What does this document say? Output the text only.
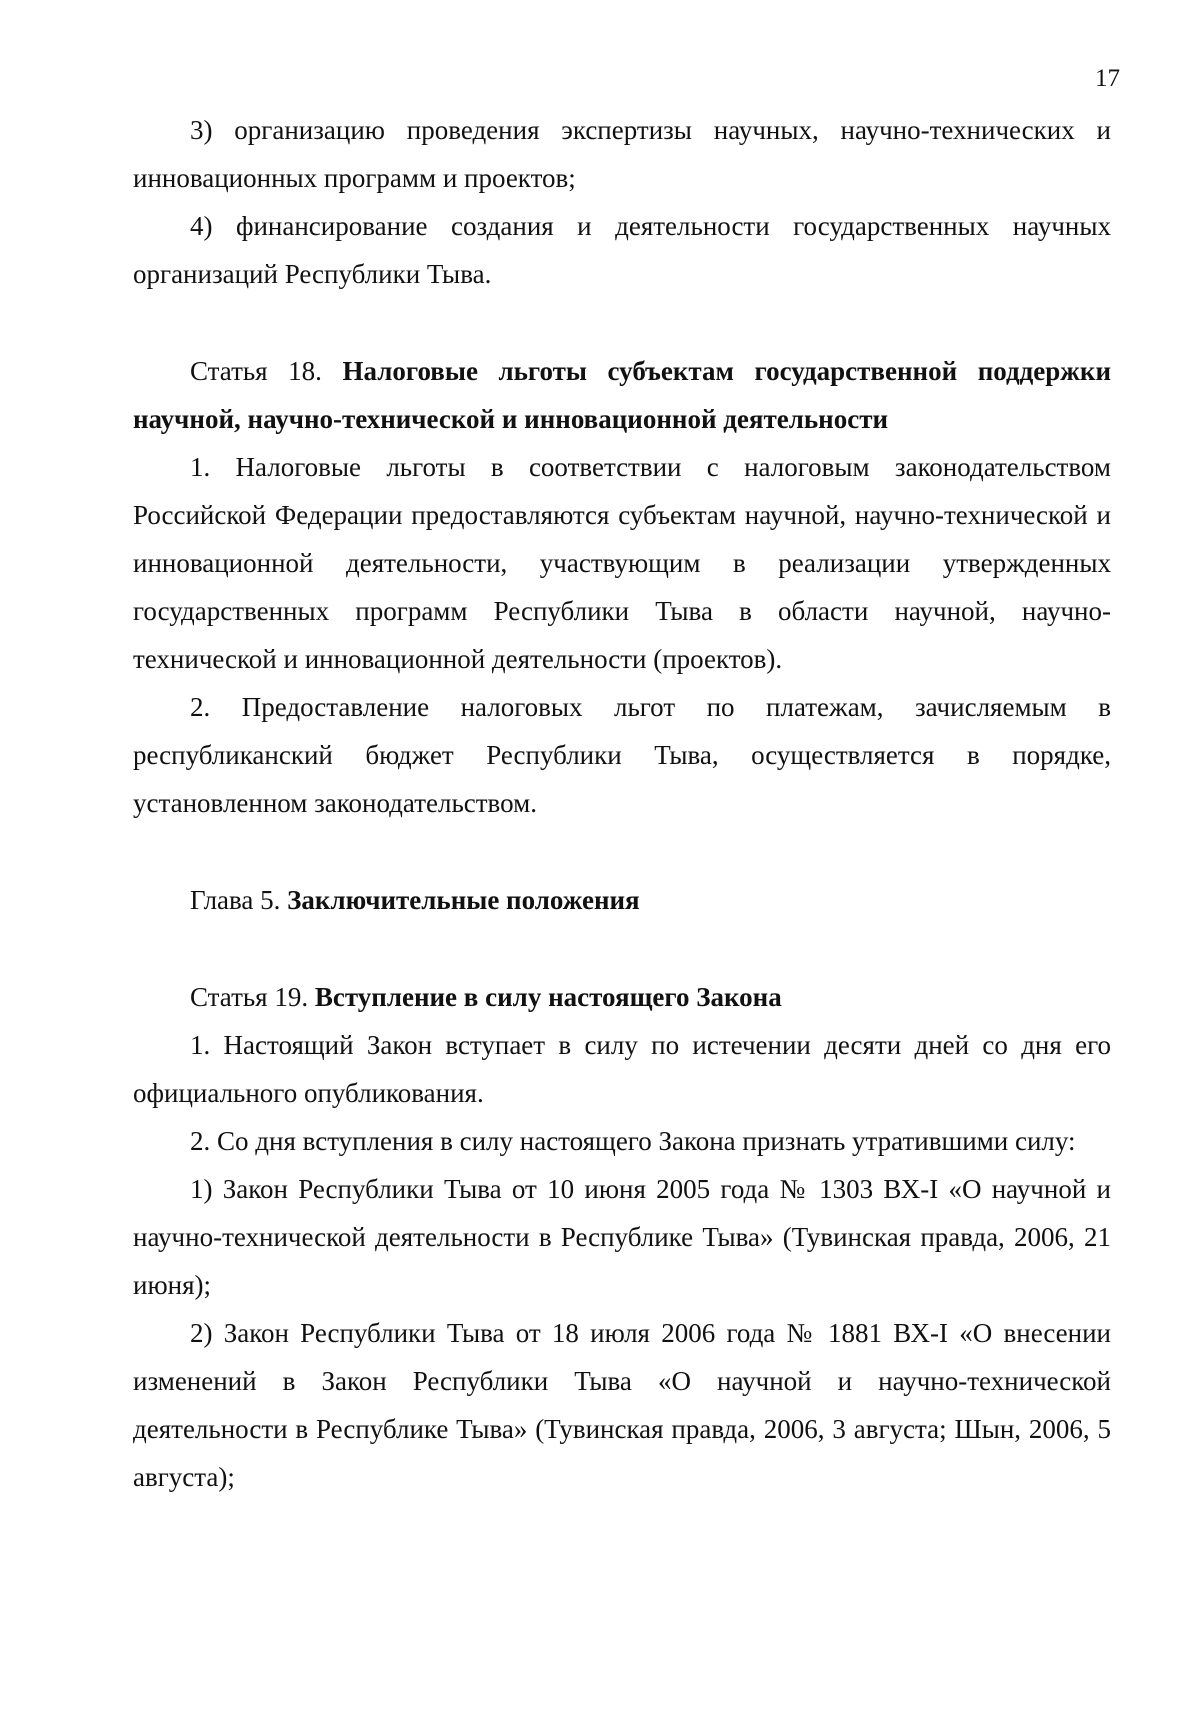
17

3) организацию проведения экспертизы научных, научно-технических и инновационных программ и проектов;

4) финансирование создания и деятельности государственных научных организаций Республики Тыва.

Статья 18. Налоговые льготы субъектам государственной поддержки научной, научно-технической и инновационной деятельности

1. Налоговые льготы в соответствии с налоговым законодательством Российской Федерации предоставляются субъектам научной, научно-технической и инновационной деятельности, участвующим в реализации утвержденных государственных программ Республики Тыва в области научной, научно-технической и инновационной деятельности (проектов).

2. Предоставление налоговых льгот по платежам, зачисляемым в республиканский бюджет Республики Тыва, осуществляется в порядке, установленном законодательством.

Глава 5. Заключительные положения

Статья 19. Вступление в силу настоящего Закона

1. Настоящий Закон вступает в силу по истечении десяти дней со дня его официального опубликования.

2. Со дня вступления в силу настоящего Закона признать утратившими силу:

1) Закон Республики Тыва от 10 июня 2005 года № 1303 ВХ-I «О научной и научно-технической деятельности в Республике Тыва» (Тувинская правда, 2006, 21 июня);

2) Закон Республики Тыва от 18 июля 2006 года № 1881 ВХ-I «О внесении изменений в Закон Республики Тыва «О научной и научно-технической деятельности в Республике Тыва» (Тувинская правда, 2006, 3 августа; Шын, 2006, 5 августа);
